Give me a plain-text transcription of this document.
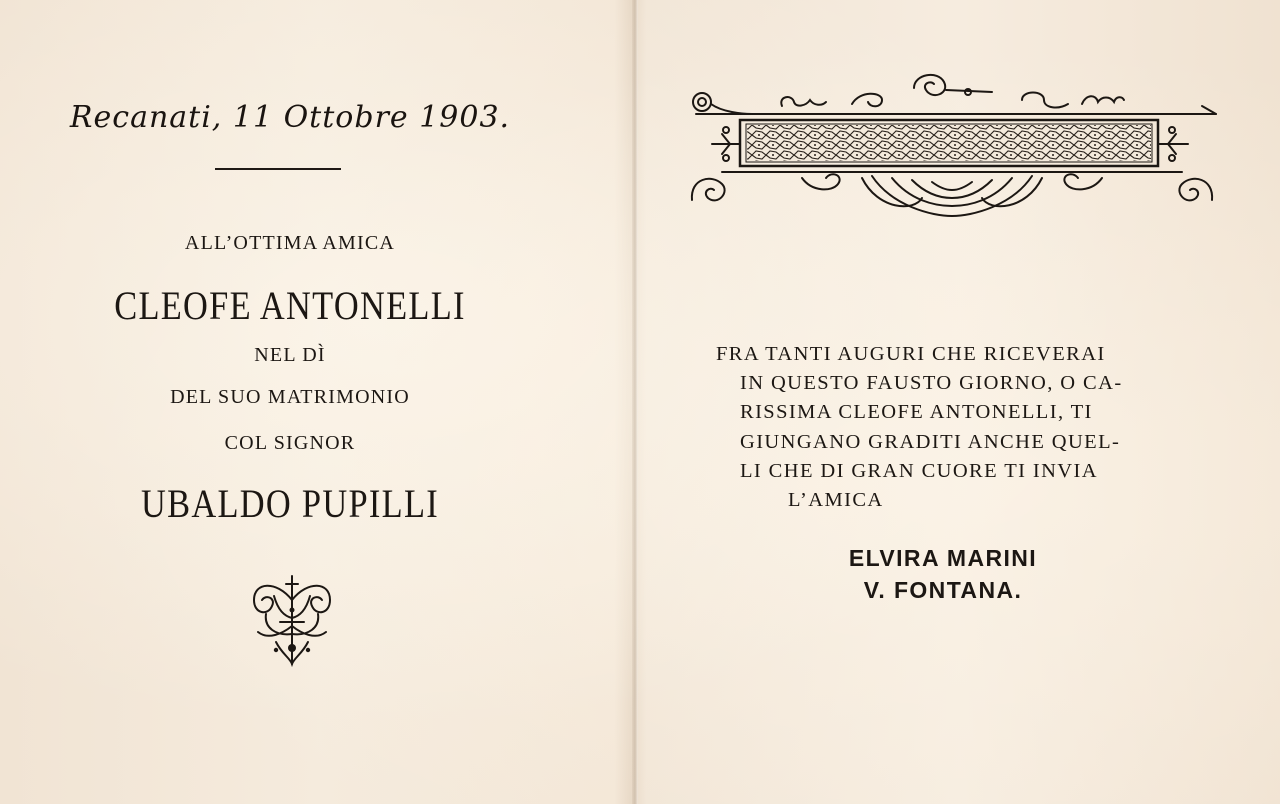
Recanati, 11 Ottobre 1903.
ALL’OTTIMA AMICA
CLEOFE ANTONELLI
NEL DÌ
DEL SUO MATRIMONIO
COL SIGNOR
UBALDO PUPILLI
FRA TANTI AUGURI CHE RICEVERAI
IN QUESTO FAUSTO GIORNO, O CA-
RISSIMA CLEOFE ANTONELLI, TI
GIUNGANO GRADITI ANCHE QUEL-
LI CHE DI GRAN CUORE TI INVIA
L’AMICA
ELVIRA MARINI
V. FONTANA.
